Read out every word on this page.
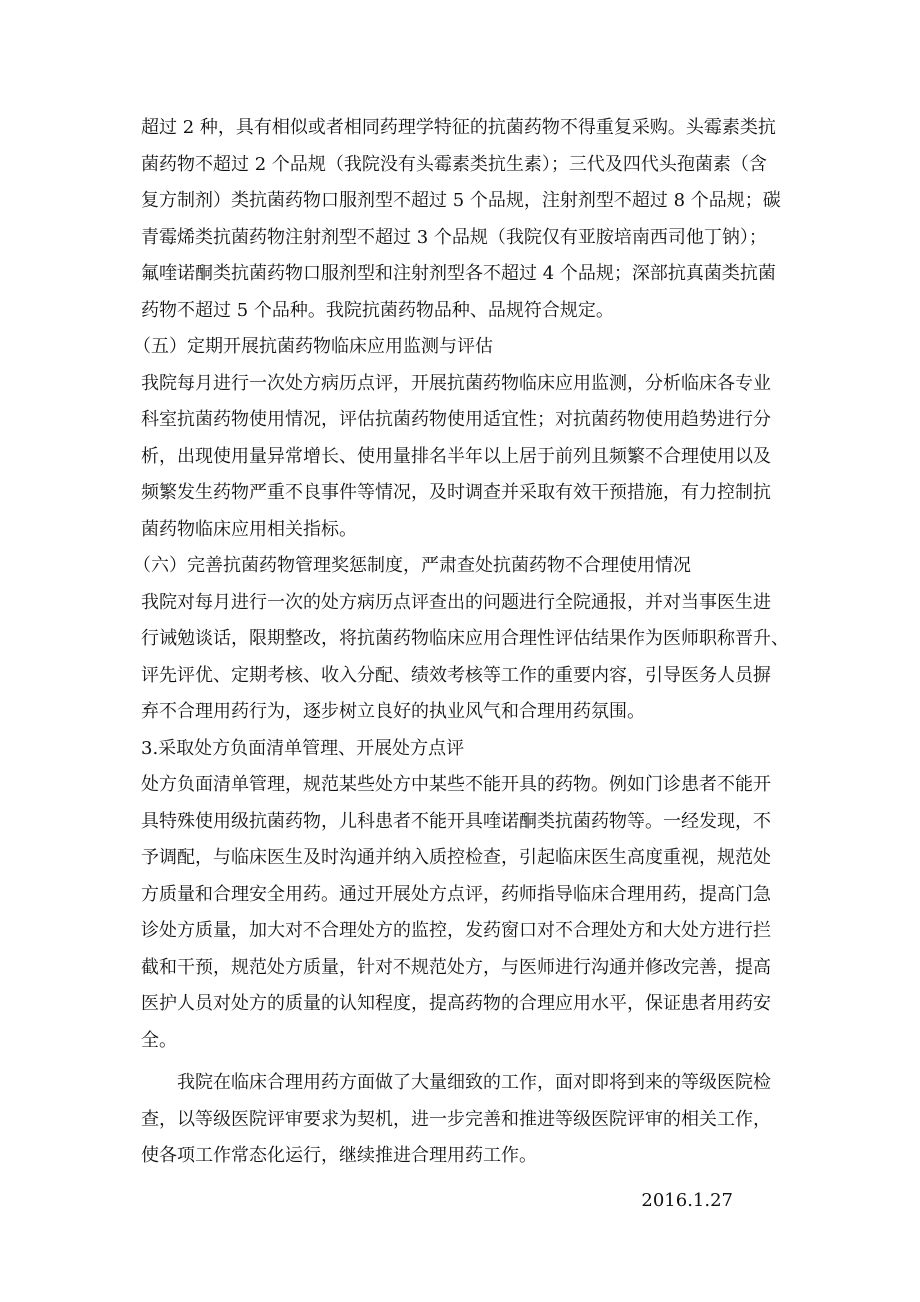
超过 2 种，具有相似或者相同药理学特征的抗菌药物不得重复采购。头霉素类抗
菌药物不超过 2 个品规（我院没有头霉素类抗生素）；三代及四代头孢菌素（含
复方制剂）类抗菌药物口服剂型不超过 5 个品规，注射剂型不超过 8 个品规；碳
青霉烯类抗菌药物注射剂型不超过 3 个品规（我院仅有亚胺培南西司他丁钠）；
氟喹诺酮类抗菌药物口服剂型和注射剂型各不超过 4 个品规；深部抗真菌类抗菌
药物不超过 5 个品种。我院抗菌药物品种、品规符合规定。
（五）定期开展抗菌药物临床应用监测与评估
我院每月进行一次处方病历点评，开展抗菌药物临床应用监测，分析临床各专业
科室抗菌药物使用情况，评估抗菌药物使用适宜性；对抗菌药物使用趋势进行分
析，出现使用量异常增长、使用量排名半年以上居于前列且频繁不合理使用以及
频繁发生药物严重不良事件等情况，及时调查并采取有效干预措施，有力控制抗
菌药物临床应用相关指标。
（六）完善抗菌药物管理奖惩制度，严肃查处抗菌药物不合理使用情况
我院对每月进行一次的处方病历点评查出的问题进行全院通报，并对当事医生进
行诫勉谈话，限期整改，将抗菌药物临床应用合理性评估结果作为医师职称晋升、
评先评优、定期考核、收入分配、绩效考核等工作的重要内容，引导医务人员摒
弃不合理用药行为，逐步树立良好的执业风气和合理用药氛围。
3.采取处方负面清单管理、开展处方点评
处方负面清单管理，规范某些处方中某些不能开具的药物。例如门诊患者不能开
具特殊使用级抗菌药物，儿科患者不能开具喹诺酮类抗菌药物等。一经发现，不
予调配，与临床医生及时沟通并纳入质控检查，引起临床医生高度重视，规范处
方质量和合理安全用药。通过开展处方点评，药师指导临床合理用药，提高门急
诊处方质量，加大对不合理处方的监控，发药窗口对不合理处方和大处方进行拦
截和干预，规范处方质量，针对不规范处方，与医师进行沟通并修改完善，提高
医护人员对处方的质量的认知程度，提高药物的合理应用水平，保证患者用药安
全。
我院在临床合理用药方面做了大量细致的工作，面对即将到来的等级医院检
查，以等级医院评审要求为契机，进一步完善和推进等级医院评审的相关工作，
使各项工作常态化运行，继续推进合理用药工作。
2016.1.27
